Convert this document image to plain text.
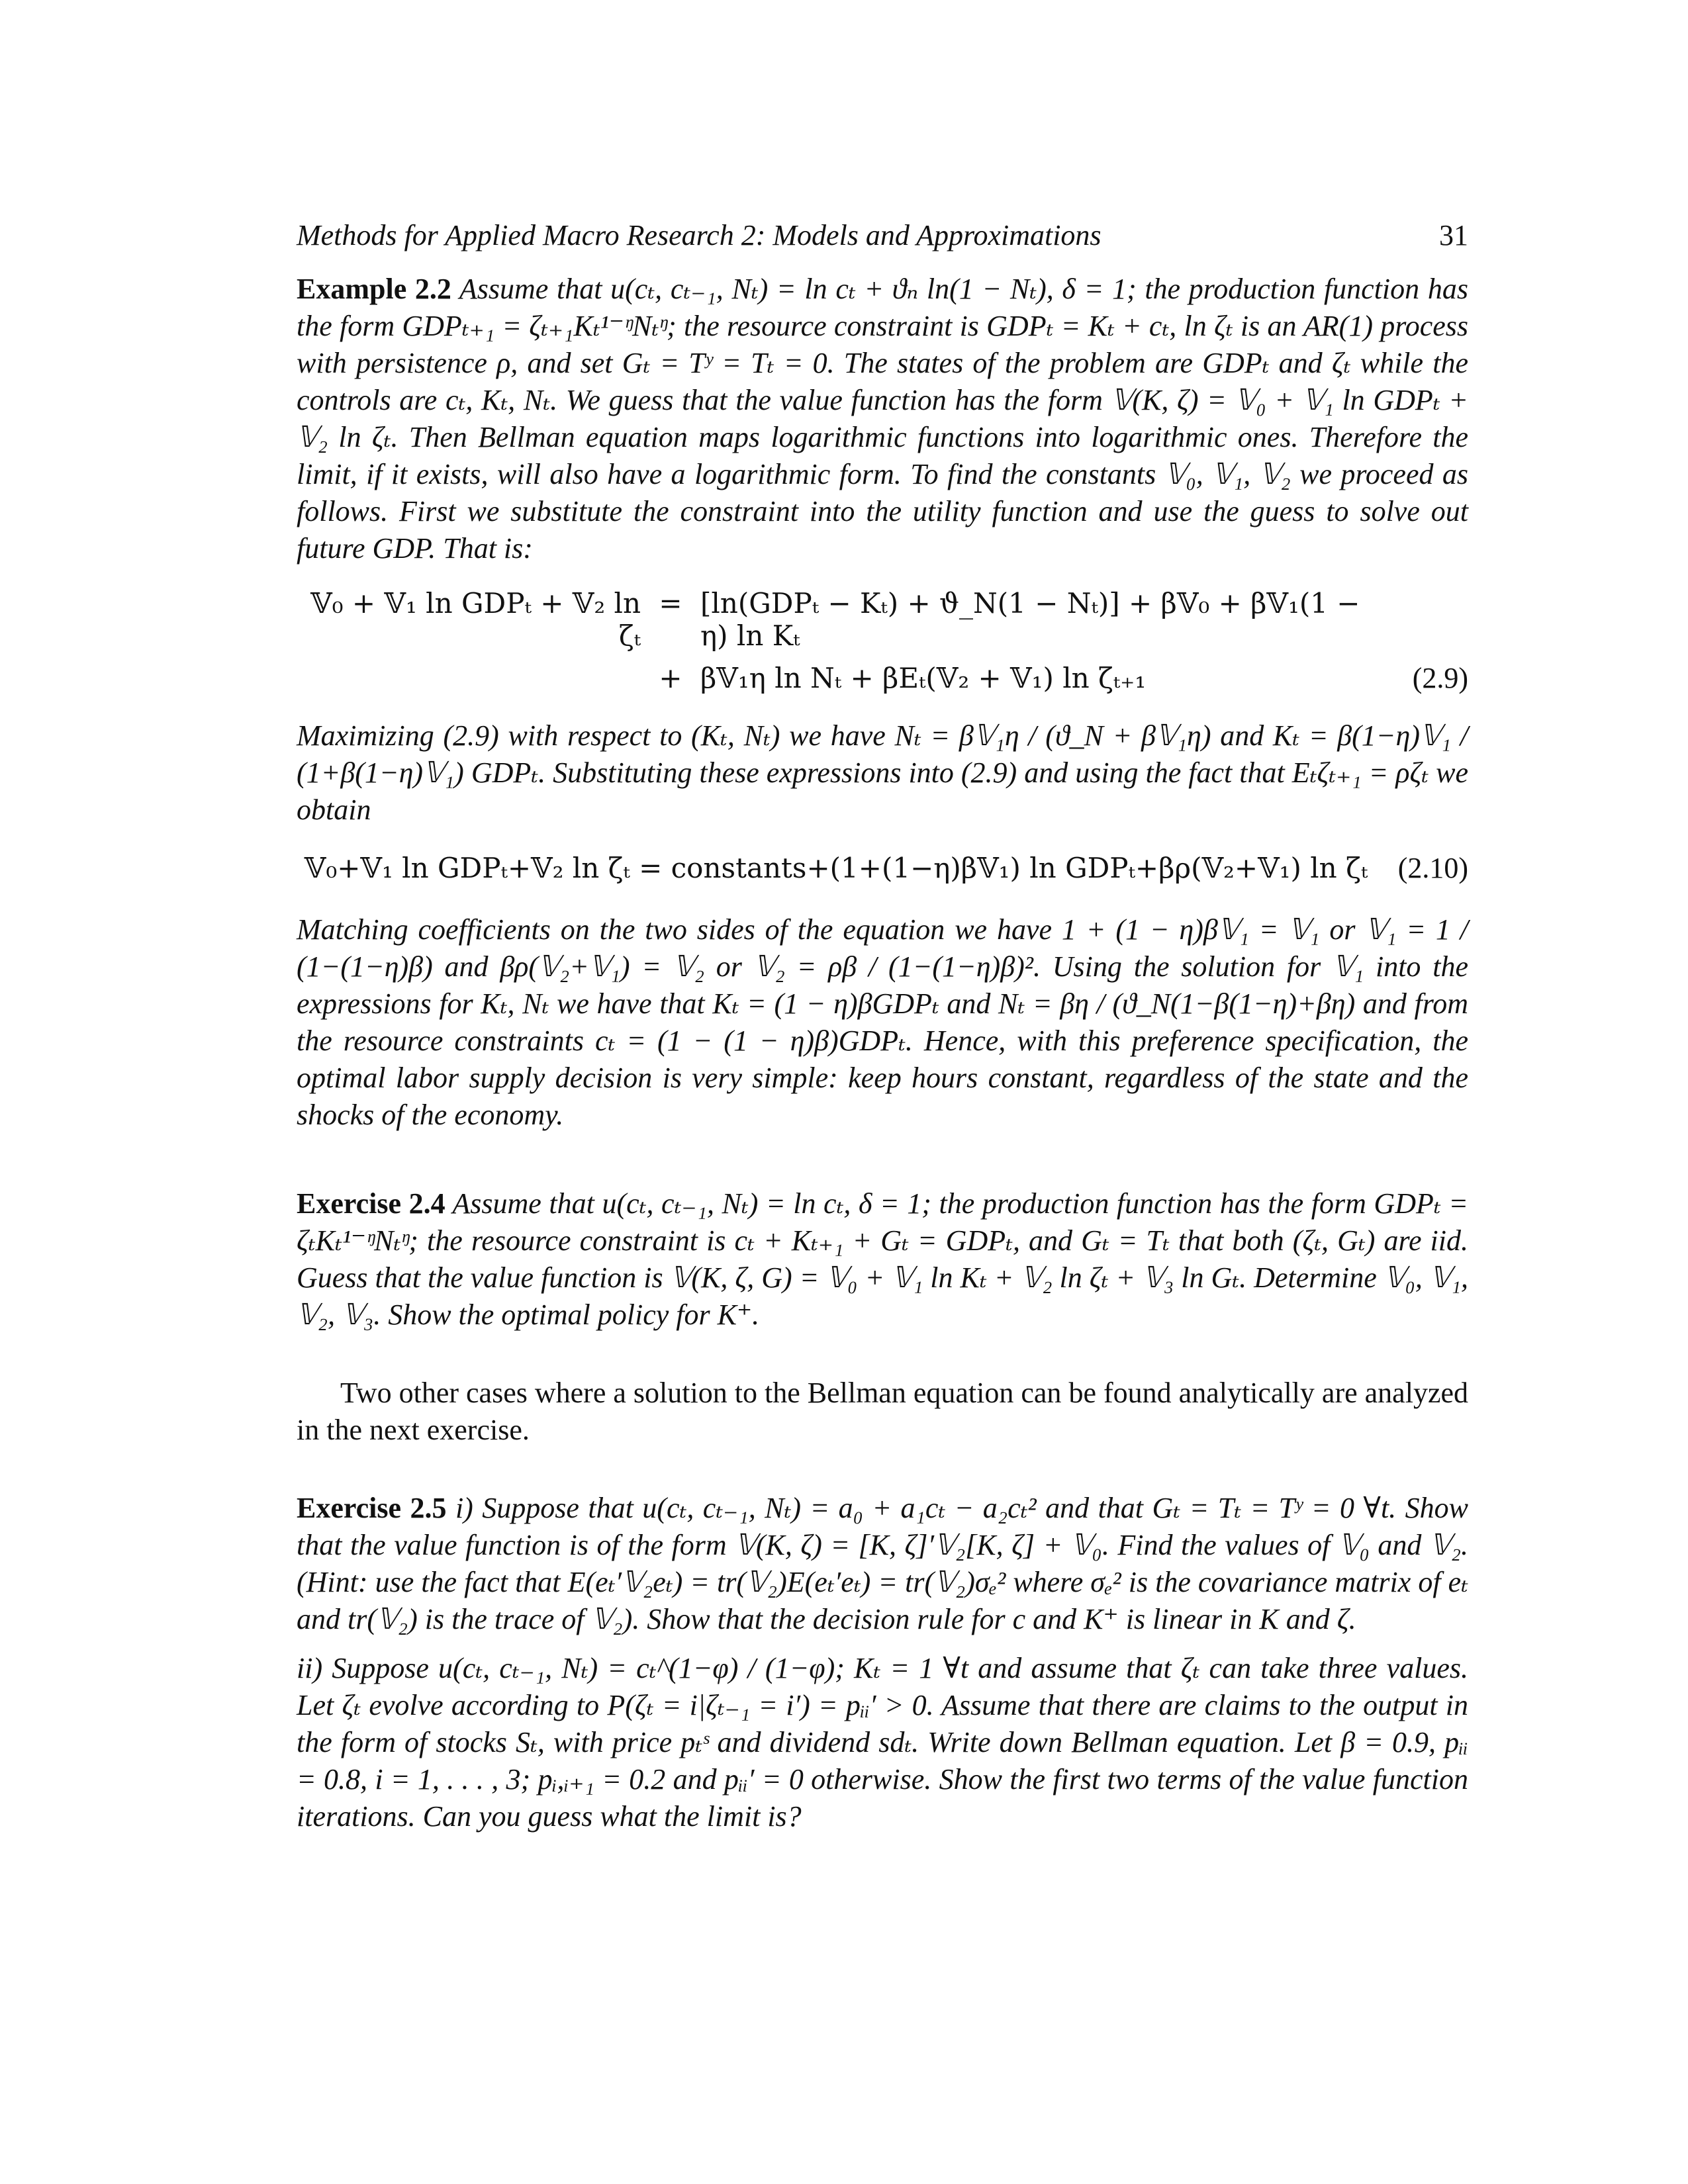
Methods for Applied Macro Research 2: Models and Approximations	31

Example 2.2 Assume that u(cₜ, cₜ₋₁, Nₜ) = ln cₜ + ϑₙ ln(1 − Nₜ), δ = 1; the production function has the form GDPₜ₊₁ = ζₜ₊₁Kₜ¹⁻ᵑNₜᵑ; the resource constraint is GDPₜ = Kₜ + cₜ, ln ζₜ is an AR(1) process with persistence ρ, and set Gₜ = Tʸ = Tₜ = 0. The states of the problem are GDPₜ and ζₜ while the controls are cₜ, Kₜ, Nₜ. We guess that the value function has the form 𝕍(K, ζ) = 𝕍₀ + 𝕍₁ ln GDPₜ + 𝕍₂ ln ζₜ. Then Bellman equation maps logarithmic functions into logarithmic ones. Therefore the limit, if it exists, will also have a logarithmic form. To find the constants 𝕍₀, 𝕍₁, 𝕍₂ we proceed as follows. First we substitute the constraint into the utility function and use the guess to solve out future GDP. That is:

𝕍₀ + 𝕍₁ ln GDPₜ + 𝕍₂ ln ζₜ
= [ln(GDPₜ − Kₜ) + ϑ_N(1 − Nₜ)] + β𝕍₀ + β𝕍₁(1 − η) ln Kₜ
+ β𝕍₁η ln Nₜ + βEₜ(𝕍₂ + 𝕍₁) ln ζₜ₊₁	(2.9)

Maximizing (2.9) with respect to (Kₜ, Nₜ) we have Nₜ = β𝕍₁η / (ϑ_N + β𝕍₁η) and Kₜ = β(1−η)𝕍₁ / (1+β(1−η)𝕍₁) GDPₜ. Substituting these expressions into (2.9) and using the fact that Eₜζₜ₊₁ = ρζₜ we obtain

𝕍₀+𝕍₁ ln GDPₜ+𝕍₂ ln ζₜ = constants+(1+(1−η)β𝕍₁) ln GDPₜ+βρ(𝕍₂+𝕍₁) ln ζₜ	(2.10)

Matching coefficients on the two sides of the equation we have 1 + (1 − η)β𝕍₁ = 𝕍₁ or 𝕍₁ = 1 / (1−(1−η)β) and βρ(𝕍₂+𝕍₁) = 𝕍₂ or 𝕍₂ = ρβ / (1−(1−η)β)². Using the solution for 𝕍₁ into the expressions for Kₜ, Nₜ we have that Kₜ = (1 − η)βGDPₜ and Nₜ = βη / (ϑ_N(1−β(1−η)+βη) and from the resource constraints cₜ = (1 − (1 − η)β)GDPₜ. Hence, with this preference specification, the optimal labor supply decision is very simple: keep hours constant, regardless of the state and the shocks of the economy.

Exercise 2.4 Assume that u(cₜ, cₜ₋₁, Nₜ) = ln cₜ, δ = 1; the production function has the form GDPₜ = ζₜKₜ¹⁻ᵑNₜᵑ; the resource constraint is cₜ + Kₜ₊₁ + Gₜ = GDPₜ, and Gₜ = Tₜ that both (ζₜ, Gₜ) are iid. Guess that the value function is 𝕍(K, ζ, G) = 𝕍₀ + 𝕍₁ ln Kₜ + 𝕍₂ ln ζₜ + 𝕍₃ ln Gₜ. Determine 𝕍₀, 𝕍₁, 𝕍₂, 𝕍₃. Show the optimal policy for K⁺.

Two other cases where a solution to the Bellman equation can be found analytically are analyzed in the next exercise.

Exercise 2.5 i) Suppose that u(cₜ, cₜ₋₁, Nₜ) = a₀ + a₁cₜ − a₂cₜ² and that Gₜ = Tₜ = Tʸ = 0 ∀t. Show that the value function is of the form 𝕍(K, ζ) = [K, ζ]′𝕍₂[K, ζ] + 𝕍₀. Find the values of 𝕍₀ and 𝕍₂. (Hint: use the fact that E(eₜ′𝕍₂eₜ) = tr(𝕍₂)E(eₜ′eₜ) = tr(𝕍₂)σₑ² where σₑ² is the covariance matrix of eₜ and tr(𝕍₂) is the trace of 𝕍₂). Show that the decision rule for c and K⁺ is linear in K and ζ.

ii) Suppose u(cₜ, cₜ₋₁, Nₜ) = cₜ^(1−φ) / (1−φ); Kₜ = 1 ∀t and assume that ζₜ can take three values. Let ζₜ evolve according to P(ζₜ = i|ζₜ₋₁ = i′) = pᵢᵢ′ > 0. Assume that there are claims to the output in the form of stocks Sₜ, with price pₜˢ and dividend sdₜ. Write down Bellman equation. Let β = 0.9, pᵢᵢ = 0.8, i = 1, . . . , 3; pᵢ,ᵢ₊₁ = 0.2 and pᵢᵢ′ = 0 otherwise. Show the first two terms of the value function iterations. Can you guess what the limit is?
